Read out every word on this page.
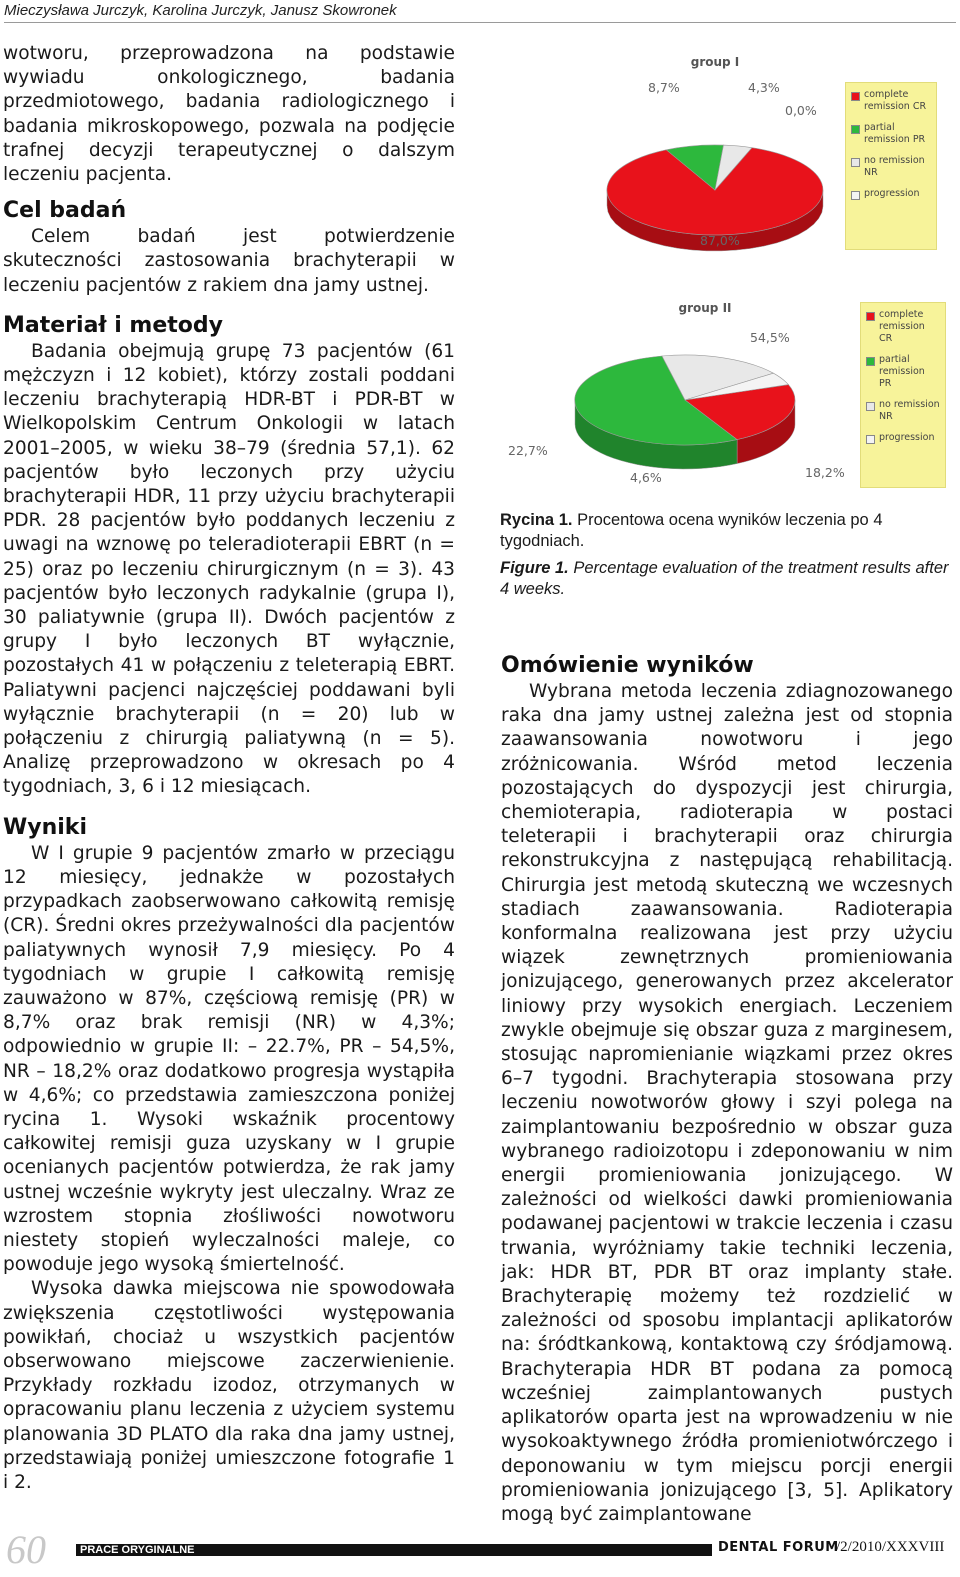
Mieczysława Jurczyk, Karolina Jurczyk, Janusz Skowronek

wotworu, przeprowadzona na podstawie wywiadu onkologicznego, badania przedmiotowego, badania radiologicznego i badania mikroskopowego, pozwala na podjęcie trafnej decyzji terapeutycznej o dalszym leczeniu pacjenta.

Cel badań

Celem badań jest potwierdzenie skuteczności zastosowania brachyterapii w leczeniu pacjentów z rakiem dna jamy ustnej.

Materiał i metody

Badania obejmują grupę 73 pacjentów (61 mężczyzn i 12 kobiet), którzy zostali poddani leczeniu brachyterapią HDR-BT i PDR-BT w Wielkopolskim Centrum Onkologii w latach 2001–2005, w wieku 38–79 (średnia 57,1). 62 pacjentów było leczonych przy użyciu brachyterapii HDR, 11 przy użyciu brachyterapii PDR. 28 pacjentów było poddanych leczeniu z uwagi na wznowę po teleradioterapii EBRT (n = 25) oraz po leczeniu chirurgicznym (n = 3). 43 pacjentów było leczonych radykalnie (grupa I), 30 paliatywnie (grupa II). Dwóch pacjentów z grupy I było leczonych BT wyłącznie, pozostałych 41 w połączeniu z teleterapią EBRT. Paliatywni pacjenci najczęściej poddawani byli wyłącznie brachyterapii (n = 20) lub w połączeniu z chirurgią paliatywną (n = 5). Analizę przeprowadzono w okresach po 4 tygodniach, 3, 6 i 12 miesiącach.

Wyniki

W I grupie 9 pacjentów zmarło w przeciągu 12 miesięcy, jednakże w pozostałych przypadkach zaobserwowano całkowitą remisję (CR). Średni okres przeżywalności dla pacjentów paliatywnych wynosił 7,9 miesięcy. Po 4 tygodniach w grupie I całkowitą remisję zauważono w 87%, częściową remisję (PR) w 8,7% oraz brak remisji (NR) w 4,3%; odpowiednio w grupie II: – 22.7%, PR – 54,5%, NR – 18,2% oraz dodatkowo progresja wystąpiła w 4,6%; co przedstawia zamieszczona poniżej rycina 1. Wysoki wskaźnik procentowy całkowitej remisji guza uzyskany w I grupie ocenianych pacjentów potwierdza, że rak jamy ustnej wcześnie wykryty jest uleczalny. Wraz ze wzrostem stopnia złośliwości nowotworu niestety stopień wyleczalności maleje, co powoduje jego wysoką śmiertelność.

Wysoka dawka miejscowa nie spowodowała zwiększenia częstotliwości występowania powikłań, chociaż u wszystkich pacjentów obserwowano miejscowe zaczerwienienie. Przykłady rozkładu izodoz, otrzymanych w opracowaniu planu leczenia z użyciem systemu planowania 3D PLATO dla raka dna jamy ustnej, przedstawiają poniżej umieszczone fotografie 1 i 2.

group I
87,0%
8,7%	4,3%
0,0%
group II
22,7%
54,5%
18,2%
4,6%
complete remission CR
partial remission PR
no remission NR
progression
complete remission CR
partial remission PR
no remission NR
progression

Rycina 1. Procentowa ocena wyników leczenia po 4 tygodniach.

Figure 1. Percentage evaluation of the treatment results after 4 weeks.

Omówienie wyników

Wybrana metoda leczenia zdiagnozowanego raka dna jamy ustnej zależna jest od stopnia zaawansowania nowotworu i jego zróżnicowania. Wśród metod leczenia pozostających do dyspozycji jest chirurgia, chemioterapia, radioterapia w postaci teleterapii i brachyterapii oraz chirurgia rekonstrukcyjna z następującą rehabilitacją. Chirurgia jest metodą skuteczną we wczesnych stadiach zaawansowania. Radioterapia konformalna realizowana jest przy użyciu wiązek zewnętrznych promieniowania jonizującego, generowanych przez akcelerator liniowy przy wysokich energiach. Leczeniem zwykle obejmuje się obszar guza z marginesem, stosując napromienianie wiązkami przez okres 6–7 tygodni. Brachyterapia stosowana przy leczeniu nowotworów głowy i szyi polega na zaimplantowaniu bezpośrednio w obszar guza wybranego radioizotopu i zdeponowaniu w nim energii promieniowania jonizującego. W zależności od wielkości dawki promieniowania podawanej pacjentowi w trakcie leczenia i czasu trwania, wyróżniamy takie techniki leczenia, jak: HDR BT, PDR BT oraz implanty stałe. Brachyterapię możemy też rozdzielić w zależności od sposobu implantacji aplikatorów na: śródtkankową, kontaktową czy śródjamową. Brachyterapia HDR BT podana za pomocą wcześniej zaimplantowanych pustych aplikatorów oparta jest na wprowadzeniu w nie wysokoaktywnego źródła promieniotwórczego i deponowaniu w tym miejscu porcji energii promieniowania jonizującego [3, 5]. Aplikatory mogą być zaimplantowane

60	PRACE ORYGINALNE	DENTAL FORUM
/2/2010/XXXVIII
